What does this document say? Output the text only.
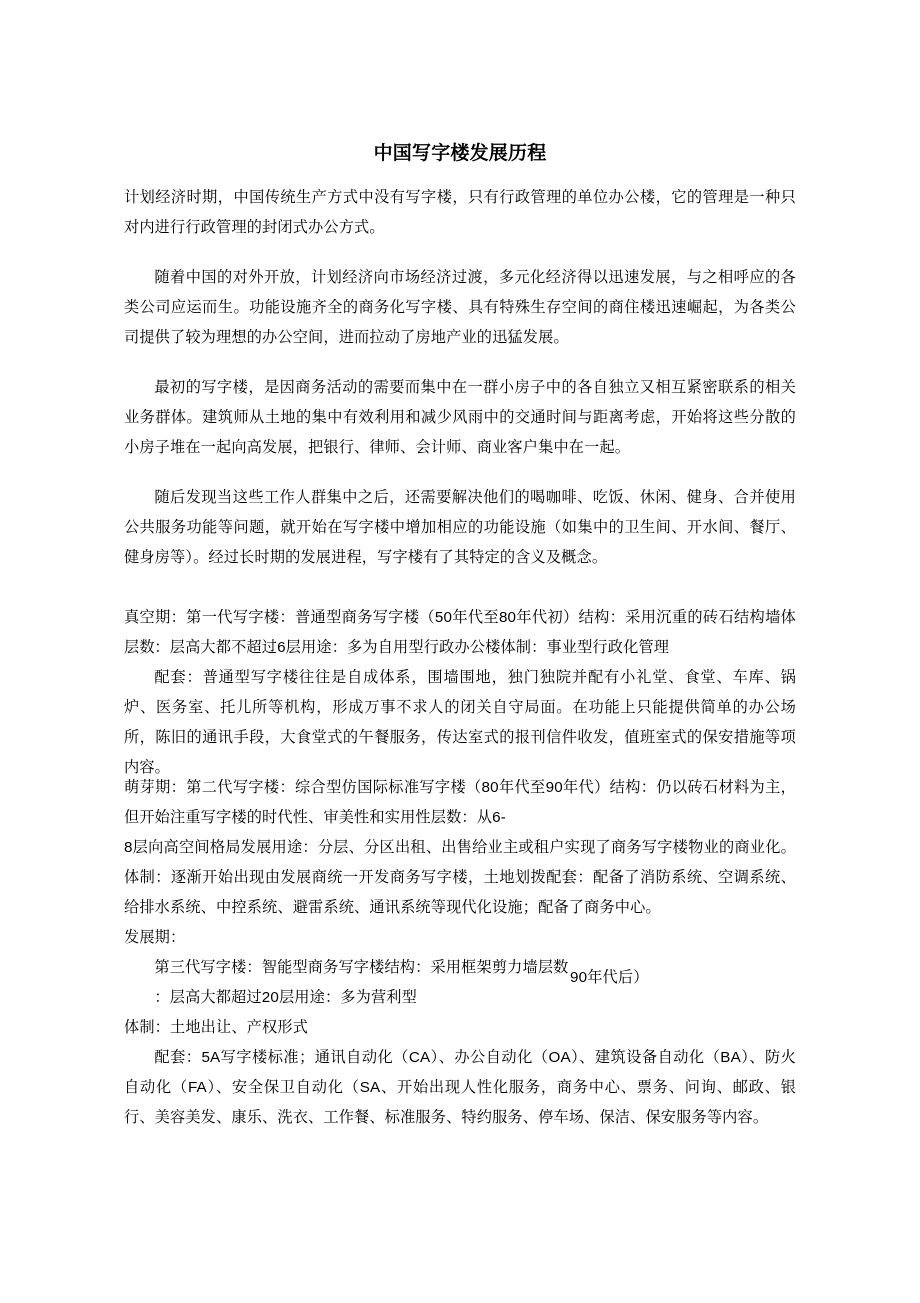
中国写字楼发展历程
计划经济时期，中国传统生产方式中没有写字楼，只有行政管理的单位办公楼，它的管理是一种只对内进行行政管理的封闭式办公方式。
随着中国的对外开放，计划经济向市场经济过渡，多元化经济得以迅速发展，与之相呼应的各类公司应运而生。功能设施齐全的商务化写字楼、具有特殊生存空间的商住楼迅速崛起，为各类公司提供了较为理想的办公空间，进而拉动了房地产业的迅猛发展。
最初的写字楼，是因商务活动的需要而集中在一群小房子中的各自独立又相互紧密联系的相关业务群体。建筑师从土地的集中有效利用和减少风雨中的交通时间与距离考虑，开始将这些分散的小房子堆在一起向高发展，把银行、律师、会计师、商业客户集中在一起。
随后发现当这些工作人群集中之后，还需要解决他们的喝咖啡、吃饭、休闲、健身、合并使用公共服务功能等问题，就开始在写字楼中增加相应的功能设施（如集中的卫生间、开水间、餐厅、健身房等）。经过长时期的发展进程，写字楼有了其特定的含义及概念。
真空期：第一代写字楼：普通型商务写字楼（50年代至80年代初）结构：采用沉重的砖石结构墙体层数 ：层高大都不超过6层用途：多为自用型行政办公楼体制：事业型行政化管理
配套：普通型写字楼往往是自成体系，围墙围地，独门独院并配有小礼堂、食堂、车库、锅炉、医务室、托儿所等机构，形成万事不求人的闭关自守局面。在功能上只能提供简单的办公场所，陈旧的通讯手段，大食堂式的午餐服务，传达室式的报刊信件收发，值班室式的保安措施等项内容。
萌芽期：第二代写字楼：综合型仿国际标准写字楼（80年代至90年代）结构：仍以砖石材料为主，但开始注重写字楼的时代性、审美性和实用性层数：从6-
8层向高空间格局发展用途：分层、分区出租、出售给业主或租户实现了商务写字楼物业的商业化。体制：逐渐开始出现由发展商统一开发商务写字楼，土地划拨配套：配备了消防系统、空调系统、给排水系统、中控系统、避雷系统、通讯系统等现代化设施；配备了商务中心。
发展期：
第三代写字楼：智能型商务写字楼结构：采用框架剪力墙层数
90年代后）
：层高大都超过20层用途：多为营利型
体制：土地出让、产权形式
配套：5A写字楼标准；通讯自动化（CA）、办公自动化（OA）、建筑设备自动化（BA）、防火自动化（FA）、安全保卫自动化（SA、开始出现人性化服务，商务中心、票务、问询、邮政、银行、美容美发、康乐、洗衣、工作餐、标准服务、特约服务、停车场、保洁、保安服务等内容。
